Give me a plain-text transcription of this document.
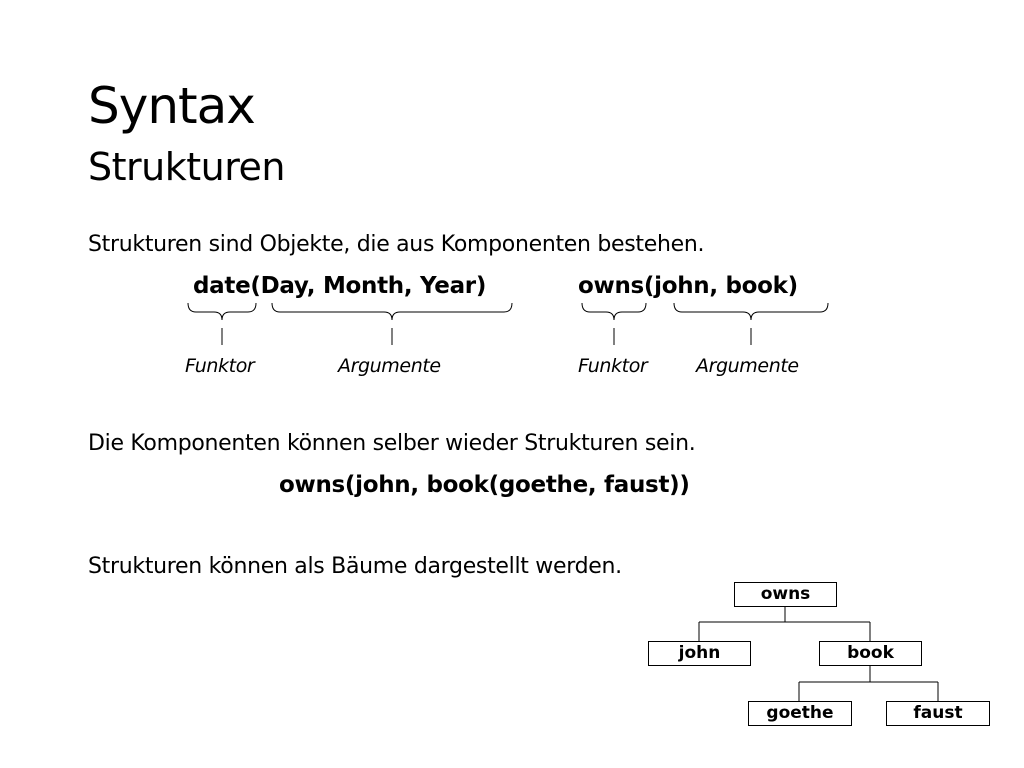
Syntax
Strukturen
Strukturen sind Objekte, die aus Komponenten bestehen.
date(Day, Month, Year)	owns(john, book)
Funktor	Argumente	Funktor	Argumente
Die Komponenten können selber wieder Strukturen sein.
owns(john, book(goethe, faust))
Strukturen können als Bäume dargestellt werden.
owns
john	book
goethe	faust
